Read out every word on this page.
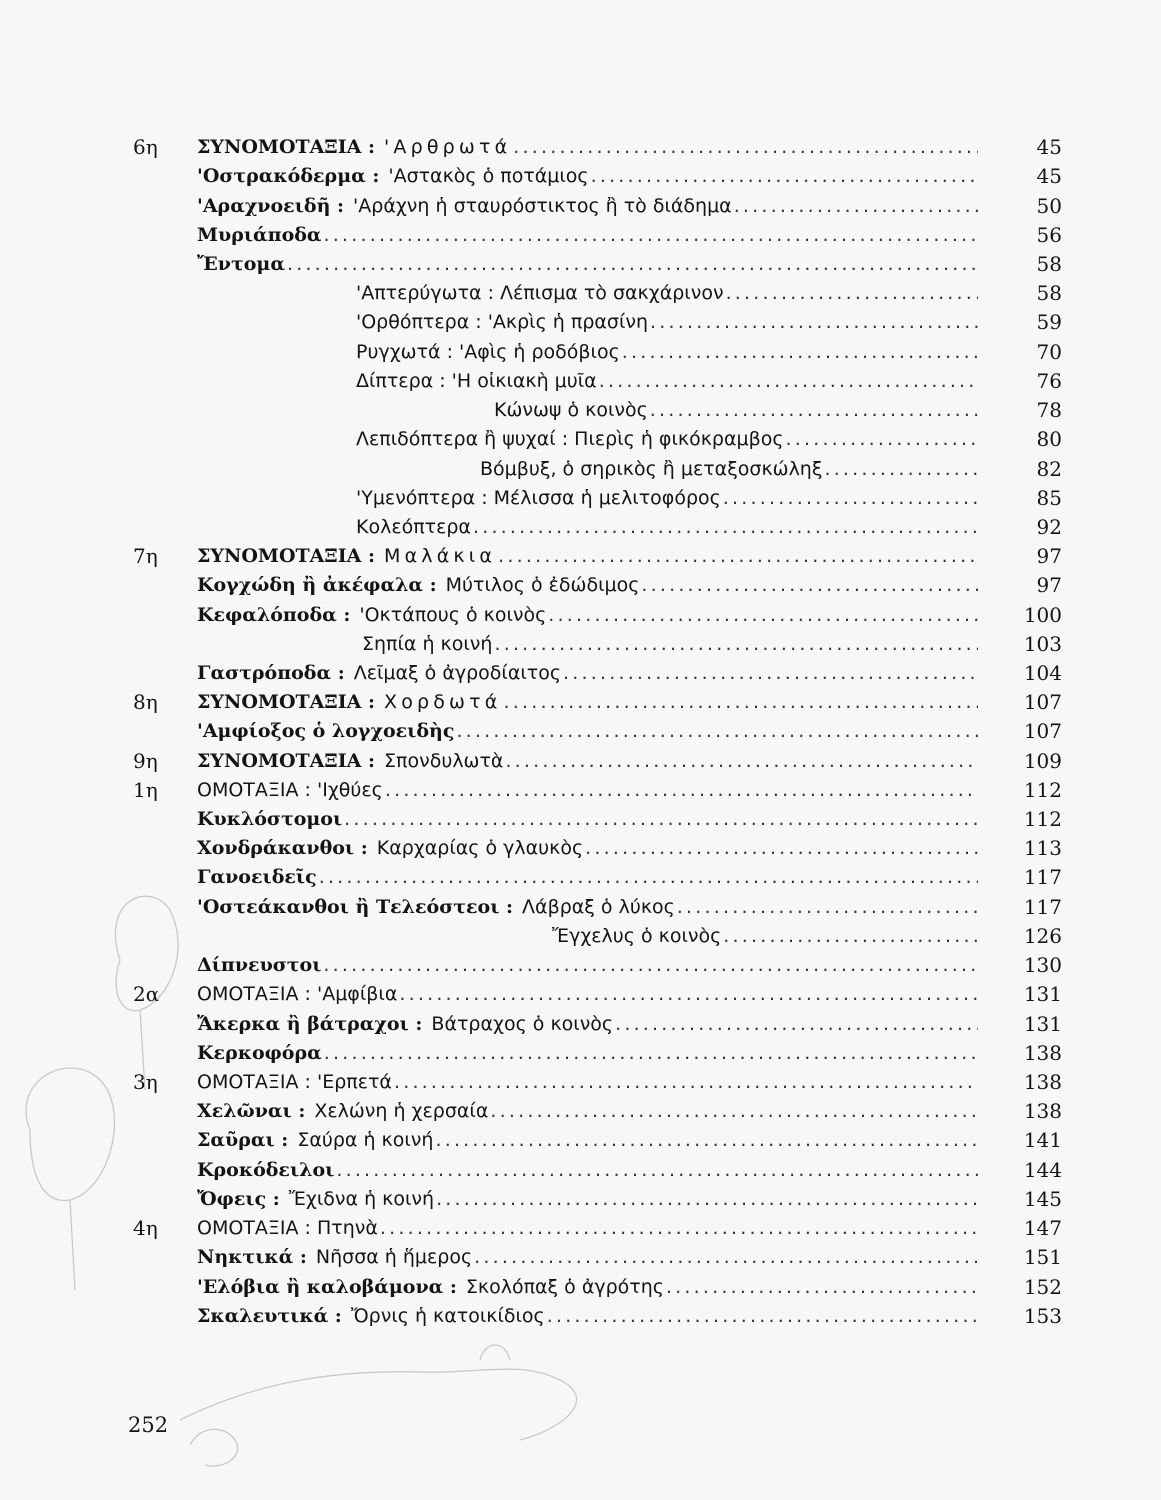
6η ΣΥΝΟΜΟΤΑΞΙΑ : 'Αρθρωτά .....	45
'Οστρακόδερμα : 'Αστακὸς ὁ ποτάμιος .....	45
'Αραχνοειδῆ : 'Αράχνη ἡ σταυρόστικτος ἢ τὸ διάδημα .....	50
Μυριάποδα .....	56
Ἔντομα .....	58
'Απτερύγωτα : Λέπισμα τὸ σακχάρινον .....	58
'Ορθόπτερα : 'Ακρὶς ἡ πρασίνη .....	59
Ρυγχωτά : 'Αφὶς ἡ ροδόβιος .....	70
Δίπτερα : 'Η οἰκιακὴ μυῖα .....	76
Κώνωψ ὁ κοινὸς .....	78
Λεπιδόπτερα ἢ ψυχαί : Πιερὶς ἡ φικόκραμβος .....	80
Βόμβυξ, ὁ σηρικὸς ἢ μεταξοσκώληξ .....	82
'Υμενόπτερα : Μέλισσα ἡ μελιτοφόρος .....	85
Κολεόπτερα .....	92
7η ΣΥΝΟΜΟΤΑΞΙΑ : Μαλάκια .....	97
Κογχώδη ἢ ἀκέφαλα : Μύτιλος ὁ ἐδώδιμος .....	97
Κεφαλόποδα : 'Οκτάπους ὁ κοινὸς .....	100
Σηπία ἡ κοινή .....	103
Γαστρόποδα : Λεῖμαξ ὁ ἀγροδίαιτος .....	104
8η ΣΥΝΟΜΟΤΑΞΙΑ : Χορδωτά .....	107
'Αμφίοξος ὁ λογχοειδὴς .....	107
9η ΣΥΝΟΜΟΤΑΞΙΑ : Σπονδυλωτὰ .....	109
1η ΟΜΟΤΑΞΙΑ : 'Ιχθύες .....	112
Κυκλόστομοι .....	112
Χονδράκανθοι : Καρχαρίας ὁ γλαυκὸς .....	113
Γανοειδεῖς .....	117
'Οστεάκανθοι ἢ Τελεόστεοι : Λάβραξ ὁ λύκος .....	117
Ἔγχελυς ὁ κοινὸς .....	126
Δίπνευστοι .....	130
2α ΟΜΟΤΑΞΙΑ : 'Αμφίβια .....	131
Ἄκερκα ἢ βάτραχοι : Βάτραχος ὁ κοινὸς .....	131
Κερκοφόρα .....	138
3η ΟΜΟΤΑΞΙΑ : 'Ερπετά .....	138
Χελῶναι : Χελώνη ἡ χερσαία .....	138
Σαῦραι : Σαύρα ἡ κοινή .....	141
Κροκόδειλοι .....	144
Ὄφεις : Ἔχιδνα ἡ κοινή .....	145
4η ΟΜΟΤΑΞΙΑ : Πτηνὰ .....	147
Νηκτικά : Νῆσσα ἡ ἥμερος .....	151
'Ελόβια ἢ καλοβάμονα : Σκολόπαξ ὁ ἀγρότης .....	152
Σκαλευτικά : Ὄρνις ἡ κατοικίδιος .....	153
252
